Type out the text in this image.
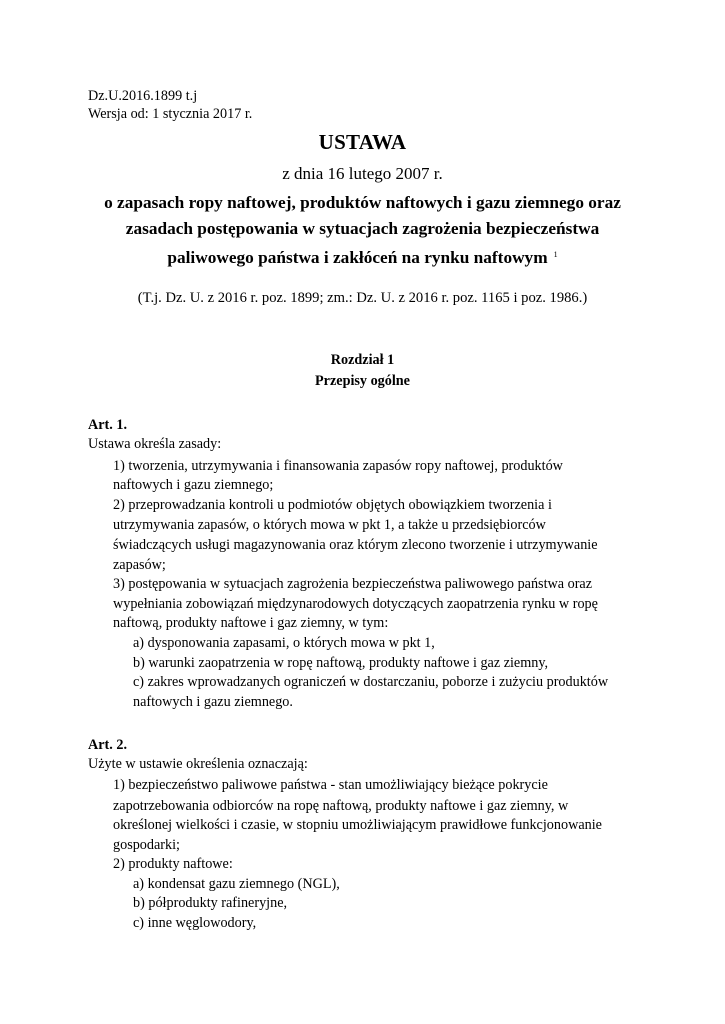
Dz.U.2016.1899 t.j
Wersja od: 1 stycznia 2017 r.
USTAWA
z dnia 16 lutego 2007 r.
o zapasach ropy naftowej, produktów naftowych i gazu ziemnego oraz
zasadach postępowania w sytuacjach zagrożenia bezpieczeństwa
paliwowego państwa i zakłóceń na rynku naftowym $^1$
(T.j. Dz. U. z 2016 r. poz. 1899; zm.: Dz. U. z 2016 r. poz. 1165 i poz. 1986.)
Rozdział 1
Przepisy ogólne
Art. 1.
Ustawa określa zasady:
1) tworzenia, utrzymywania i finansowania zapasów ropy naftowej, produktów
naftowych i gazu ziemnego;
2) przeprowadzania kontroli u podmiotów objętych obowiązkiem tworzenia i
utrzymywania zapasów, o których mowa w pkt 1, a także u przedsiębiorców
świadczących usługi magazynowania oraz którym zlecono tworzenie i utrzymywanie
zapasów;
3) postępowania w sytuacjach zagrożenia bezpieczeństwa paliwowego państwa oraz
wypełniania zobowiązań międzynarodowych dotyczących zaopatrzenia rynku w ropę
naftową, produkty naftowe i gaz ziemny, w tym:
a) dysponowania zapasami, o których mowa w pkt 1,
b) warunki zaopatrzenia w ropę naftową, produkty naftowe i gaz ziemny,
c) zakres wprowadzanych ograniczeń w dostarczaniu, poborze i zużyciu produktów
naftowych i gazu ziemnego.
Art. 2.
Użyte w ustawie określenia oznaczają:
1) bezpieczeństwo paliwowe państwa - stan umożliwiający bieżące pokrycie
zapotrzebowania odbiorców na ropę naftową, produkty naftowe i gaz ziemny, w
określonej wielkości i czasie, w stopniu umożliwiającym prawidłowe funkcjonowanie
gospodarki;
2) produkty naftowe:
a) kondensat gazu ziemnego (NGL),
b) półprodukty rafineryjne,
c) inne węglowodory,
